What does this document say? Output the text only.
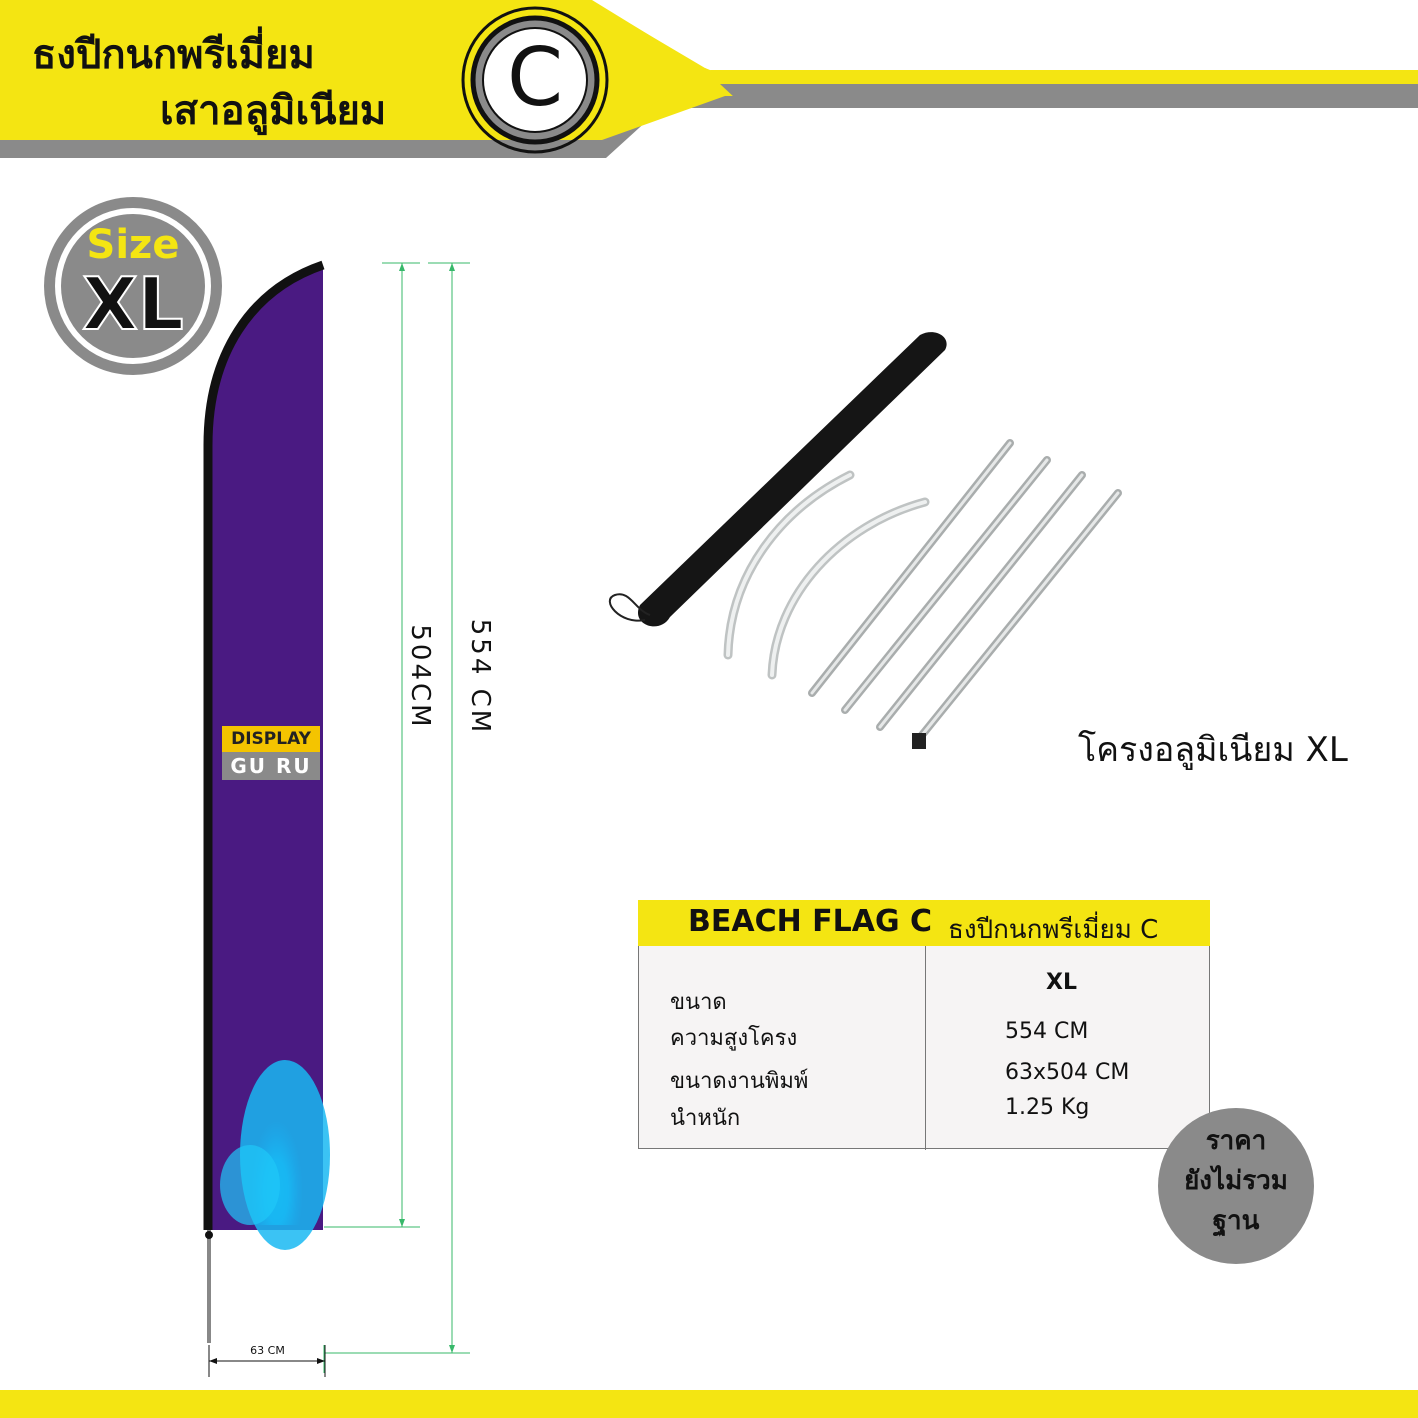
ธงปีกนกพรีเมี่ยม
เสาอลูมิเนียม C
Size
XL
DISPLAY
GU RU
504CM 554 CM
63 CM
โครงอลูมิเนียม XL
BEACH FLAG C ธงปีกนกพรีเมี่ยม C
XL
ขนาด
ความสูงโครง
ขนาดงานพิมพ์
นำหนัก
554 CM
63x504 CM
1.25 Kg
ราคา
ยังไม่รวม
ฐาน
